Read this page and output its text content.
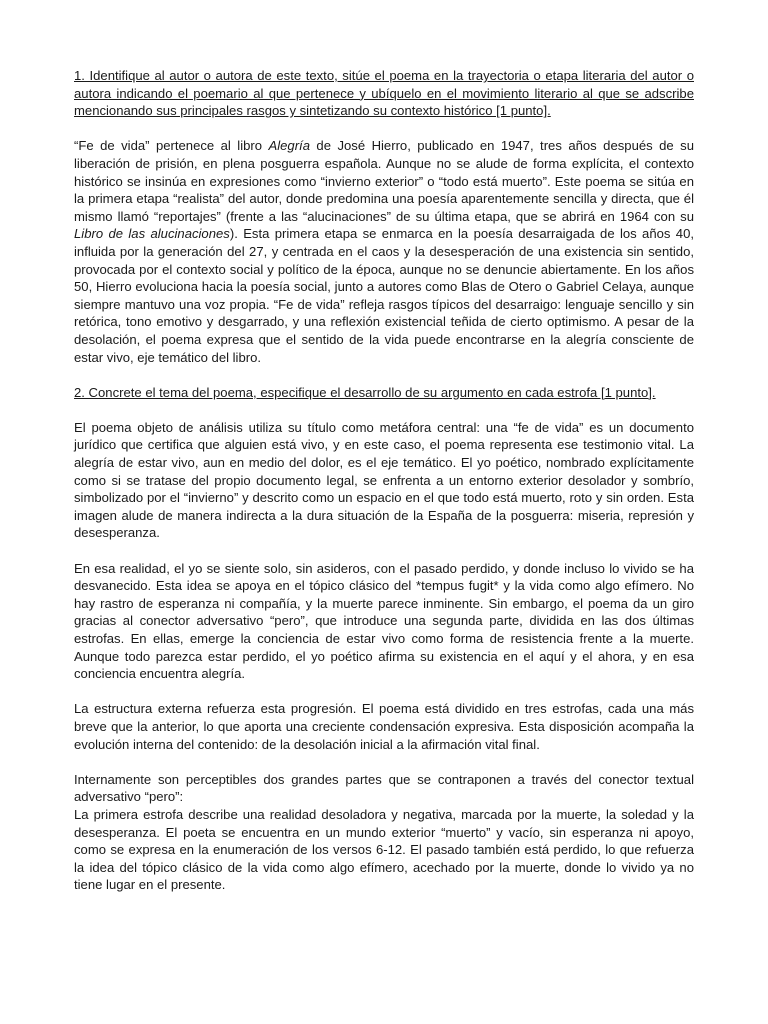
1. Identifique al autor o autora de este texto, sitúe el poema en la trayectoria o etapa literaria del autor o autora indicando el poemario al que pertenece y ubíquelo en el movimiento literario al que se adscribe mencionando sus principales rasgos y sintetizando su contexto histórico [1 punto].

“Fe de vida” pertenece al libro Alegría de José Hierro, publicado en 1947, tres años después de su liberación de prisión, en plena posguerra española. Aunque no se alude de forma explícita, el contexto histórico se insinúa en expresiones como “invierno exterior” o “todo está muerto”. Este poema se sitúa en la primera etapa “realista” del autor, donde predomina una poesía aparentemente sencilla y directa, que él mismo llamó “reportajes” (frente a las “alucinaciones” de su última etapa, que se abrirá en 1964 con su Libro de las alucinaciones). Esta primera etapa se enmarca en la poesía desarraigada de los años 40, influida por la generación del 27, y centrada en el caos y la desesperación de una existencia sin sentido, provocada por el contexto social y político de la época, aunque no se denuncie abiertamente. En los años 50, Hierro evoluciona hacia la poesía social, junto a autores como Blas de Otero o Gabriel Celaya, aunque siempre mantuvo una voz propia. “Fe de vida” refleja rasgos típicos del desarraigo: lenguaje sencillo y sin retórica, tono emotivo y desgarrado, y una reflexión existencial teñida de cierto optimismo. A pesar de la desolación, el poema expresa que el sentido de la vida puede encontrarse en la alegría consciente de estar vivo, eje temático del libro.

2. Concrete el tema del poema, especifique el desarrollo de su argumento en cada estrofa [1 punto].

El poema objeto de análisis utiliza su título como metáfora central: una “fe de vida” es un documento jurídico que certifica que alguien está vivo, y en este caso, el poema representa ese testimonio vital. La alegría de estar vivo, aun en medio del dolor, es el eje temático. El yo poético, nombrado explícitamente como si se tratase del propio documento legal, se enfrenta a un entorno exterior desolador y sombrío, simbolizado por el “invierno” y descrito como un espacio en el que todo está muerto, roto y sin orden. Esta imagen alude de manera indirecta a la dura situación de la España de la posguerra: miseria, represión y desesperanza.

En esa realidad, el yo se siente solo, sin asideros, con el pasado perdido, y donde incluso lo vivido se ha desvanecido. Esta idea se apoya en el tópico clásico del *tempus fugit* y la vida como algo efímero. No hay rastro de esperanza ni compañía, y la muerte parece inminente. Sin embargo, el poema da un giro gracias al conector adversativo “pero”, que introduce una segunda parte, dividida en las dos últimas estrofas. En ellas, emerge la conciencia de estar vivo como forma de resistencia frente a la muerte. Aunque todo parezca estar perdido, el yo poético afirma su existencia en el aquí y el ahora, y en esa conciencia encuentra alegría.

La estructura externa refuerza esta progresión. El poema está dividido en tres estrofas, cada una más breve que la anterior, lo que aporta una creciente condensación expresiva. Esta disposición acompaña la evolución interna del contenido: de la desolación inicial a la afirmación vital final.

Internamente son perceptibles dos grandes partes que se contraponen a través del conector textual adversativo “pero”:

La primera estrofa describe una realidad desoladora y negativa, marcada por la muerte, la soledad y la desesperanza. El poeta se encuentra en un mundo exterior “muerto” y vacío, sin esperanza ni apoyo, como se expresa en la enumeración de los versos 6-12. El pasado también está perdido, lo que refuerza la idea del tópico clásico de la vida como algo efímero, acechado por la muerte, donde lo vivido ya no tiene lugar en el presente.
